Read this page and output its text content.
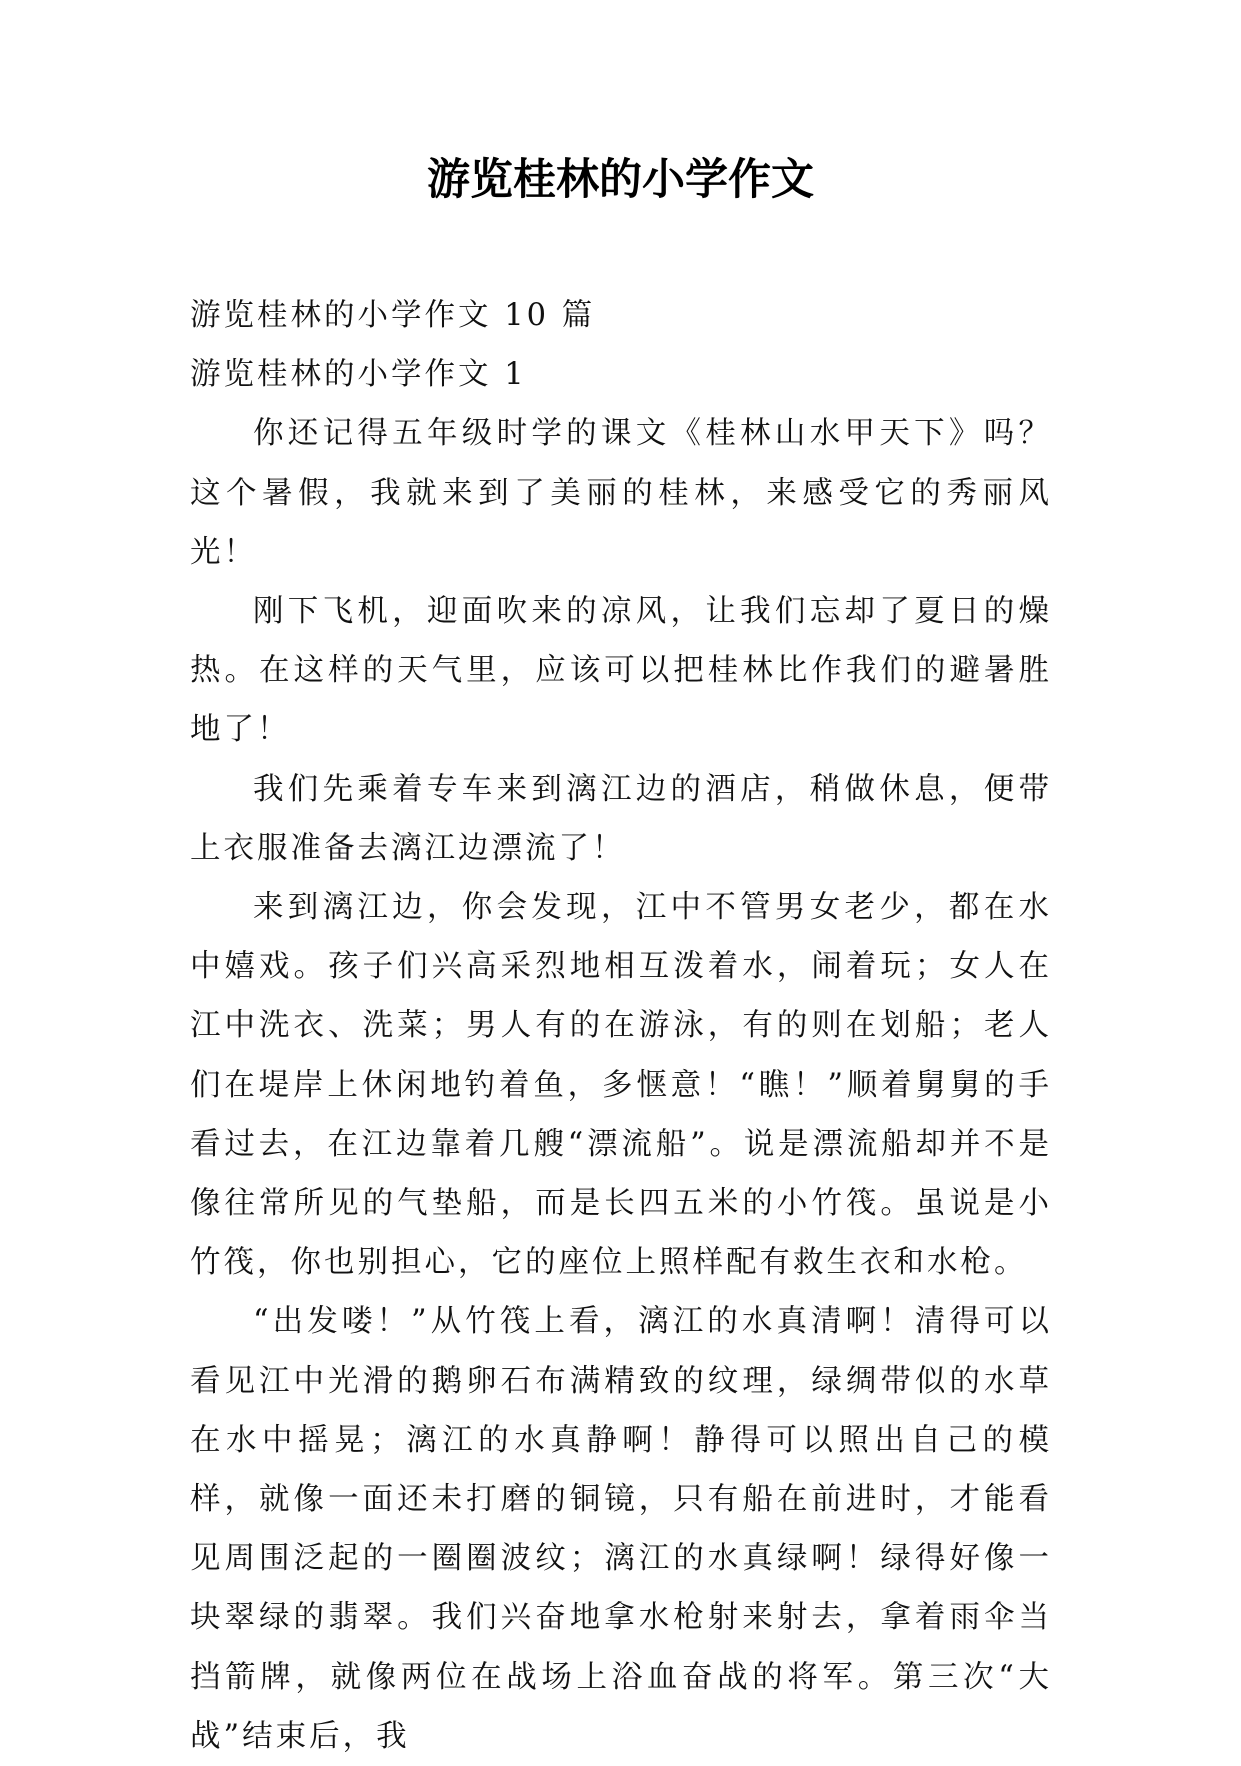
游览桂林的小学作文

游览桂林的小学作文 10 篇

游览桂林的小学作文 1

你还记得五年级时学的课文《桂林山水甲天下》吗？这个暑假，我就来到了美丽的桂林，来感受它的秀丽风光！

刚下飞机，迎面吹来的凉风，让我们忘却了夏日的燥热。在这样的天气里，应该可以把桂林比作我们的避暑胜地了！

我们先乘着专车来到漓江边的酒店，稍做休息，便带上衣服准备去漓江边漂流了！

来到漓江边，你会发现，江中不管男女老少，都在水中嬉戏。孩子们兴高采烈地相互泼着水，闹着玩；女人在江中洗衣、洗菜；男人有的在游泳，有的则在划船；老人们在堤岸上休闲地钓着鱼，多惬意！“瞧！”顺着舅舅的手看过去，在江边靠着几艘“漂流船”。说是漂流船却并不是像往常所见的气垫船，而是长四五米的小竹筏。虽说是小竹筏，你也别担心，它的座位上照样配有救生衣和水枪。

“出发喽！”从竹筏上看，漓江的水真清啊！清得可以看见江中光滑的鹅卵石布满精致的纹理，绿绸带似的水草在水中摇晃；漓江的水真静啊！静得可以照出自己的模样，就像一面还未打磨的铜镜，只有船在前进时，才能看见周围泛起的一圈圈波纹；漓江的水真绿啊！绿得好像一块翠绿的翡翠。我们兴奋地拿水枪射来射去，拿着雨伞当挡箭牌，就像两位在战场上浴血奋战的将军。第三次“大战”结束后，我
